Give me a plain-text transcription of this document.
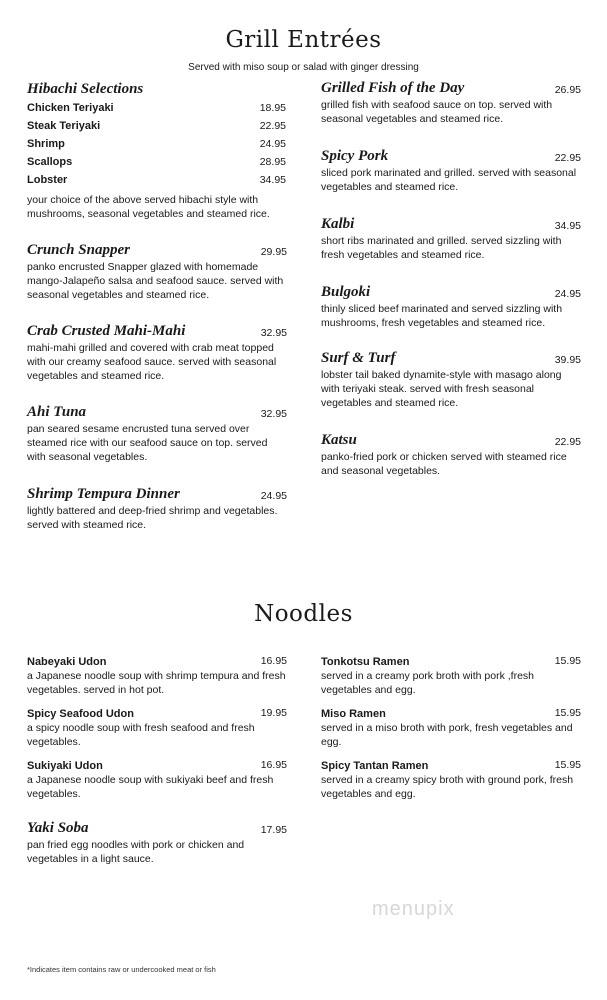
Grill Entrées
Served with miso soup or salad with ginger dressing
Hibachi Selections
Chicken Teriyaki	18.95
Steak Teriyaki	22.95
Shrimp	24.95
Scallops	28.95
Lobster	34.95
your choice of the above served hibachi style with mushrooms, seasonal vegetables and steamed rice.
Crunch Snapper	29.95
panko encrusted Snapper glazed with homemade mango-Jalapeño salsa and seafood sauce. served with seasonal vegetables and steamed rice.
Crab Crusted Mahi-Mahi	32.95
mahi-mahi grilled and covered with crab meat topped with our creamy seafood sauce. served with seasonal vegetables and steamed rice.
Ahi Tuna	32.95
pan seared sesame encrusted tuna served over steamed rice with our seafood sauce on top. served with seasonal vegetables.
Shrimp Tempura Dinner	24.95
lightly battered and deep-fried shrimp and vegetables. served with steamed rice.
Grilled Fish of the Day	26.95
grilled fish with seafood sauce on top. served with seasonal vegetables and steamed rice.
Spicy Pork	22.95
sliced pork marinated and grilled. served with seasonal vegetables and steamed rice.
Kalbi	34.95
short ribs marinated and grilled. served sizzling with fresh vegetables and steamed rice.
Bulgoki	24.95
thinly sliced beef marinated and served sizzling with mushrooms, fresh vegetables and steamed rice.
Surf & Turf	39.95
lobster tail baked dynamite-style with masago along with teriyaki steak. served with fresh seasonal vegetables and steamed rice.
Katsu	22.95
panko-fried pork or chicken served with steamed rice and seasonal vegetables.
Noodles
Nabeyaki Udon	16.95
a Japanese noodle soup with shrimp tempura and fresh vegetables. served in hot pot.
Spicy Seafood Udon	19.95
a spicy noodle soup with fresh seafood and fresh vegetables.
Sukiyaki Udon	16.95
a Japanese noodle soup with sukiyaki beef and fresh vegetables.
Yaki Soba	17.95
pan fried egg noodles with pork or chicken and vegetables in a light sauce.
Tonkotsu Ramen	15.95
served in a creamy pork broth with pork ,fresh vegetables and egg.
Miso Ramen	15.95
served in a miso broth with pork, fresh vegetables and egg.
Spicy Tantan Ramen	15.95
served in a creamy spicy broth with ground pork, fresh vegetables and egg.
menupix
*Indicates item contains raw or undercooked meat or fish
